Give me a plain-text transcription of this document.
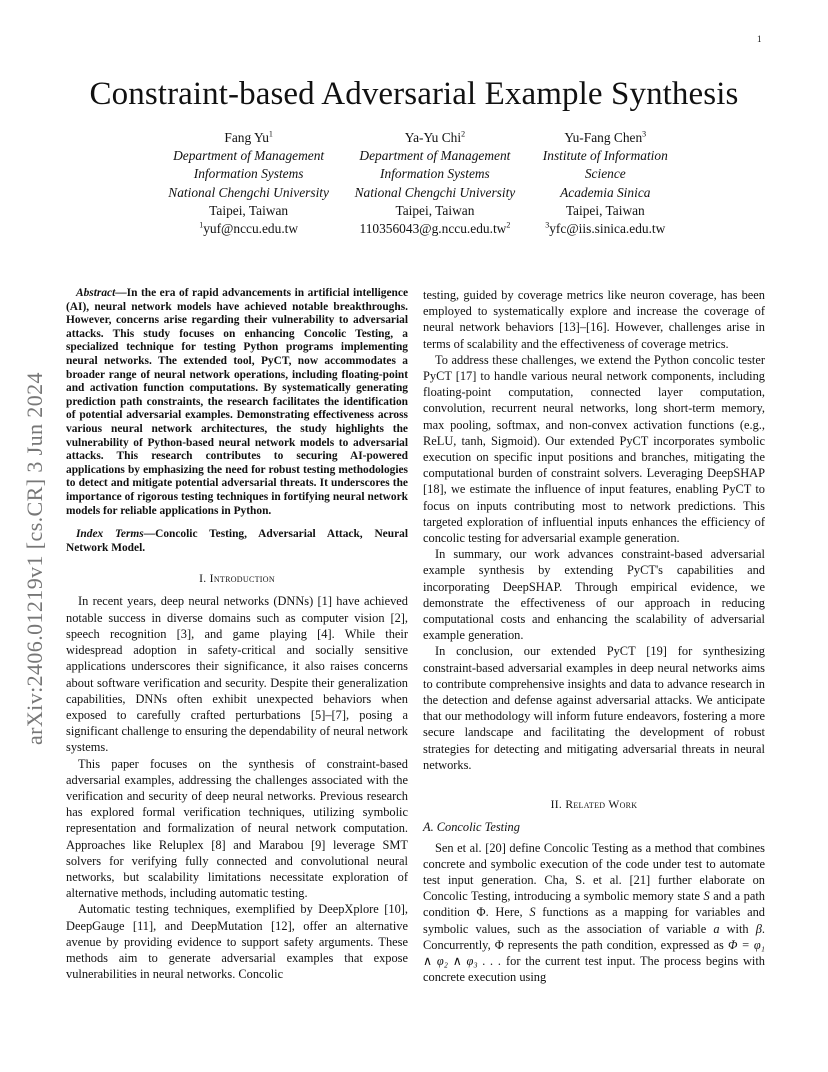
1
Constraint-based Adversarial Example Synthesis
Fang Yu$^1$
Department of Management
Information Systems
National Chengchi University
Taipei, Taiwan
$^1$yuf@nccu.edu.tw
Ya-Yu Chi$^2$
Department of Management
Information Systems
National Chengchi University
Taipei, Taiwan
$110356043@g.nccu.edu.tw^2$
Yu-Fang Chen$^3$
Institute of Information
Science
Academia Sinica
Taipei, Taiwan
$^3$yfc@iis.sinica.edu.tw
arXiv:2406.01219v1 [cs.CR] 3 Jun 2024

Abstract—In the era of rapid advancements in artificial intelligence (AI), neural network models have achieved notable breakthroughs. However, concerns arise regarding their vulnerability to adversarial attacks. This study focuses on enhancing Concolic Testing, a specialized technique for testing Python programs implementing neural networks. The extended tool, PyCT, now accommodates a broader range of neural network operations, including floating-point and activation function computations. By systematically generating prediction path constraints, the research facilitates the identification of potential adversarial examples. Demonstrating effectiveness across various neural network architectures, the study highlights the vulnerability of Python-based neural network models to adversarial attacks. This research contributes to securing AI-powered applications by emphasizing the need for robust testing methodologies to detect and mitigate potential adversarial threats. It underscores the importance of rigorous testing techniques in fortifying neural network models for reliable applications in Python.

Index Terms—Concolic Testing, Adversarial Attack, Neural Network Model.

I. Introduction

In recent years, deep neural networks (DNNs) [1] have achieved notable success in diverse domains such as computer vision [2], speech recognition [3], and game playing [4]. While their widespread adoption in safety-critical and socially sensitive applications underscores their significance, it also raises concerns about software verification and security. Despite their generalization capabilities, DNNs often exhibit unexpected behaviors when exposed to carefully crafted perturbations [5]–[7], posing a significant challenge to ensuring the dependability of neural network systems.

This paper focuses on the synthesis of constraint-based adversarial examples, addressing the challenges associated with the verification and security of deep neural networks. Previous research has explored formal verification techniques, utilizing symbolic representation and formalization of neural network computation. Approaches like Reluplex [8] and Marabou [9] leverage SMT solvers for verifying fully connected and convolutional neural networks, but scalability limitations necessitate exploration of alternative methods, including automatic testing.

Automatic testing techniques, exemplified by DeepXplore [10], DeepGauge [11], and DeepMutation [12], offer an alternative avenue by providing evidence to support safety arguments. These methods aim to generate adversarial examples that expose vulnerabilities in neural networks. Concolic

testing, guided by coverage metrics like neuron coverage, has been employed to systematically explore and increase the coverage of neural network behaviors [13]–[16]. However, challenges arise in terms of scalability and the effectiveness of coverage metrics.

To address these challenges, we extend the Python concolic tester PyCT [17] to handle various neural network components, including floating-point computation, connected layer computation, convolution, recurrent neural networks, long short-term memory, max pooling, softmax, and non-convex activation functions (e.g., ReLU, tanh, Sigmoid). Our extended PyCT incorporates symbolic execution on specific input positions and branches, mitigating the computational burden of constraint solvers. Leveraging DeepSHAP [18], we estimate the influence of input features, enabling PyCT to focus on inputs contributing most to network predictions. This targeted exploration of influential inputs enhances the efficiency of concolic testing for adversarial example generation.

In summary, our work advances constraint-based adversarial example synthesis by extending PyCT's capabilities and incorporating DeepSHAP. Through empirical evidence, we demonstrate the effectiveness of our approach in reducing computational costs and enhancing the scalability of adversarial example generation.

In conclusion, our extended PyCT [19] for synthesizing constraint-based adversarial examples in deep neural networks aims to contribute comprehensive insights and data to advance research in the detection and defense against adversarial attacks. We anticipate that our methodology will inform future endeavors, fostering a more secure landscape and facilitating the development of robust strategies for detecting and mitigating adversarial threats in neural networks.

II. Related Work
A. Concolic Testing

Sen et al. [20] define Concolic Testing as a method that combines concrete and symbolic execution of the code under test to automate test input generation. Cha, S. et al. [21] further elaborate on Concolic Testing, introducing a symbolic memory state S and a path condition Φ. Here, S functions as a mapping for variables and symbolic values, such as the association of variable a with β. Concurrently, Φ represents the path condition, expressed as Φ = φ₁ ∧ φ₂ ∧ φ₃ . . . for the current test input. The process begins with concrete execution using
